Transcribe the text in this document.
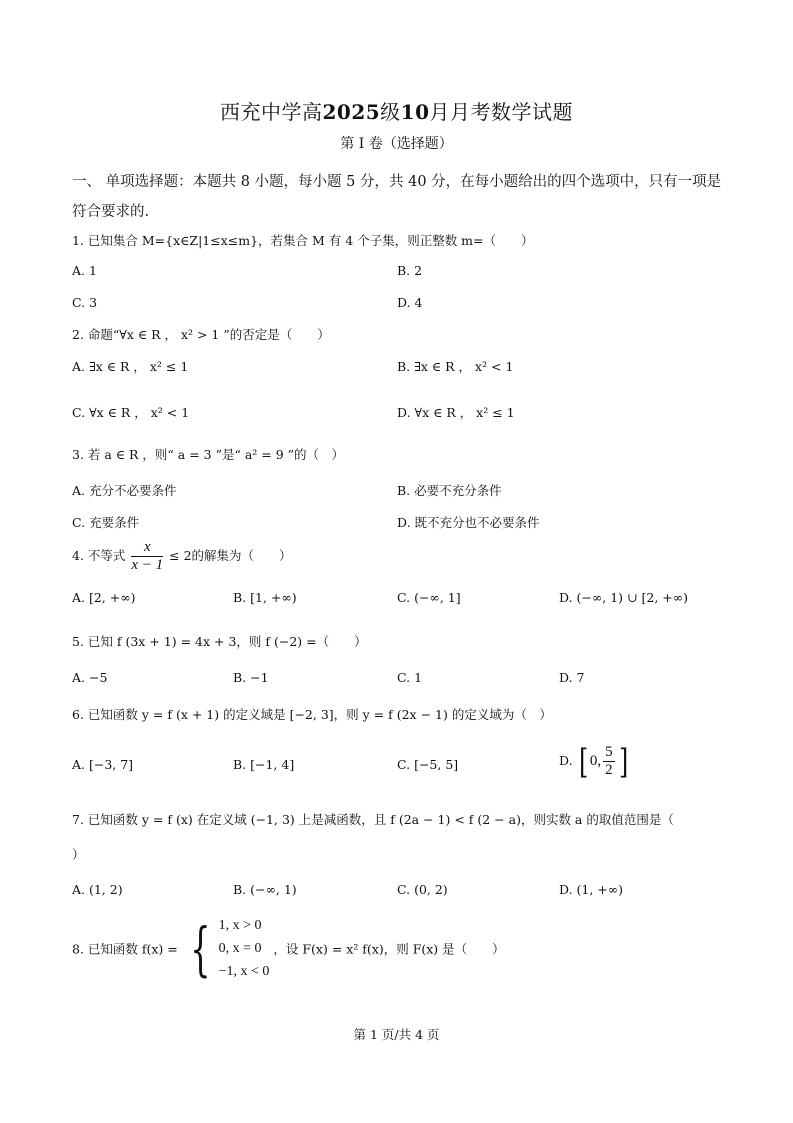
西充中学高2025级10月月考数学试题
第 I 卷（选择题）
一、 单项选择题：本题共 8 小题，每小题 5 分，共 40 分，在每小题给出的四个选项中，只有一项是符合要求的.
1. 已知集合 M={x∈Z|1≤x≤m}，若集合 M 有 4 个子集，则正整数 m=（　　）
A. 1	B. 2
C. 3	D. 4
2. 命题“∀x ∈ R ， x² > 1 ”的否定是（　　）
A. ∃x ∈ R ， x² ≤ 1	B. ∃x ∈ R ， x² < 1
C. ∀x ∈ R ， x² < 1	D. ∀x ∈ R ， x² ≤ 1
3. 若 a ∈ R ，则“ a = 3 ”是“ a² = 9 ”的（　）
A. 充分不必要条件	B. 必要不充分条件
C. 充要条件	D. 既不充分也不必要条件
4. 不等式 $\frac{x}{x - 1} \le 2$的解集为（　　）
A. [2, +∞)	B. [1, +∞)	C. (−∞, 1]	D. (−∞, 1) ∪ [2, +∞)
5. 已知 f (3x + 1) = 4x + 3，则 f (−2) =（　　）
A. −5	B. −1	C. 1	D. 7
6. 已知函数 y = f (x + 1) 的定义域是 [−2, 3]，则 y = f (2x − 1) 的定义域为（　）
A. [−3, 7]	B. [−1, 4]	C. [−5, 5]	D. [ 0, $\frac{5}{2}$ ]
7. 已知函数 y = f (x) 在定义域 (−1, 3) 上是减函数，且 f (2a − 1) < f (2 − a)，则实数 a 的取值范围是（
）
A. (1, 2)	B. (−∞, 1)	C. (0, 2)	D. (1, +∞)
8. 已知函数 f(x) = { 1, x > 0
0, x = 0
−1, x < 0
，设 F(x) = x² f(x)，则 F(x) 是（　　）
第 1 页/共 4 页
